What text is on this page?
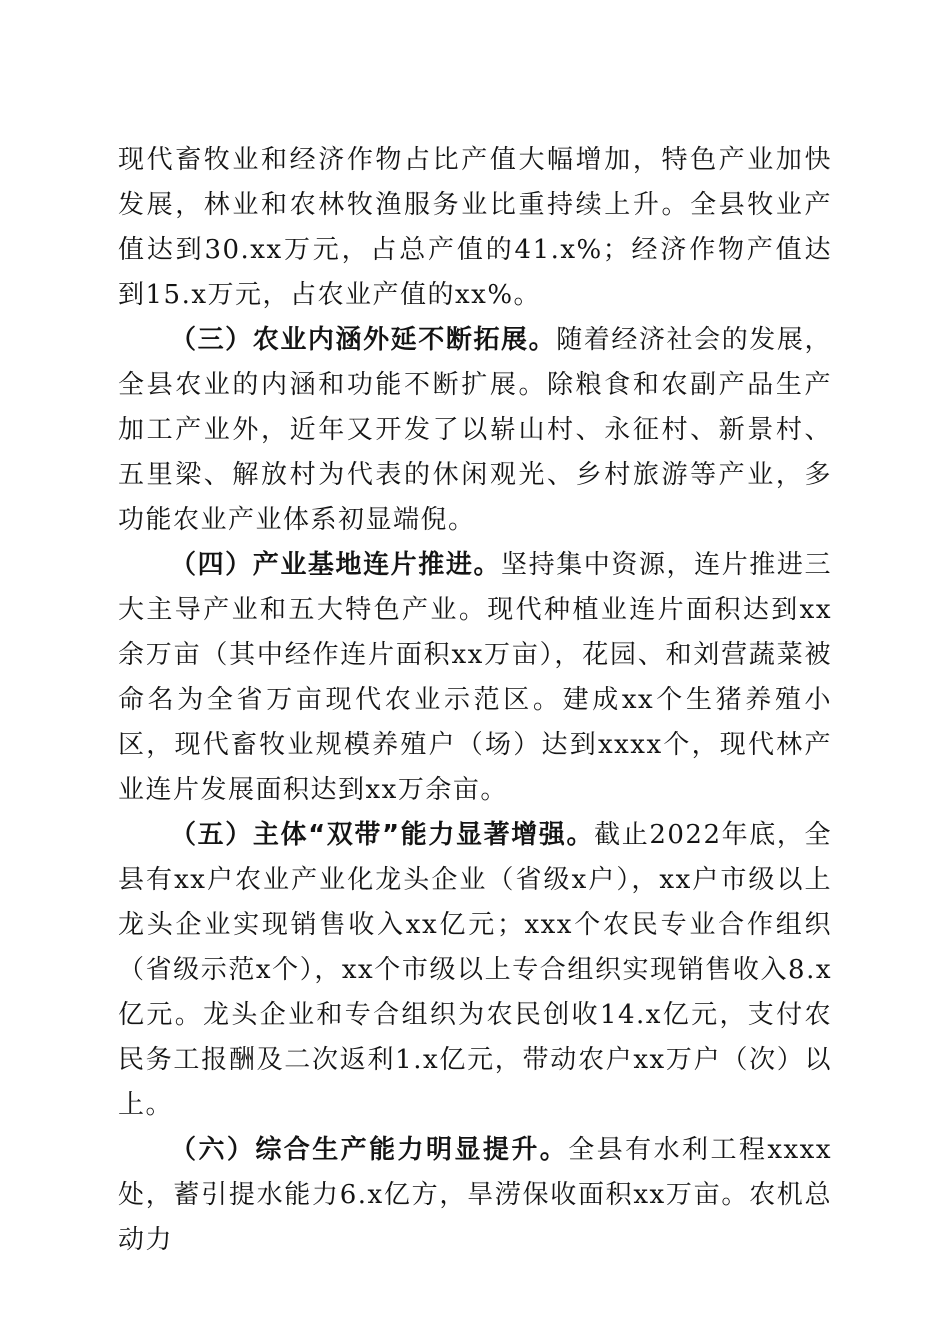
现代畜牧业和经济作物占比产值大幅增加，特色产业加快发展，林业和农林牧渔服务业比重持续上升。全县牧业产值达到30.xx万元，占总产值的41.x%；经济作物产值达到15.x万元，占农业产值的xx%。

（三）农业内涵外延不断拓展。随着经济社会的发展，全县农业的内涵和功能不断扩展。除粮食和农副产品生产加工产业外，近年又开发了以崭山村、永征村、新景村、五里梁、解放村为代表的休闲观光、乡村旅游等产业，多功能农业产业体系初显端倪。

（四）产业基地连片推进。坚持集中资源，连片推进三大主导产业和五大特色产业。现代种植业连片面积达到xx余万亩（其中经作连片面积xx万亩），花园、和刘营蔬菜被命名为全省万亩现代农业示范区。建成xx个生猪养殖小区，现代畜牧业规模养殖户（场）达到xxxx个，现代林产业连片发展面积达到xx万余亩。

（五）主体“双带”能力显著增强。截止2022年底，全县有xx户农业产业化龙头企业（省级x户），xx户市级以上龙头企业实现销售收入xx亿元；xxx个农民专业合作组织（省级示范x个），xx个市级以上专合组织实现销售收入8.x亿元。龙头企业和专合组织为农民创收14.x亿元，支付农民务工报酬及二次返利1.x亿元，带动农户xx万户（次）以上。

（六）综合生产能力明显提升。全县有水利工程xxxx处，蓄引提水能力6.x亿方，旱涝保收面积xx万亩。农机总动力
